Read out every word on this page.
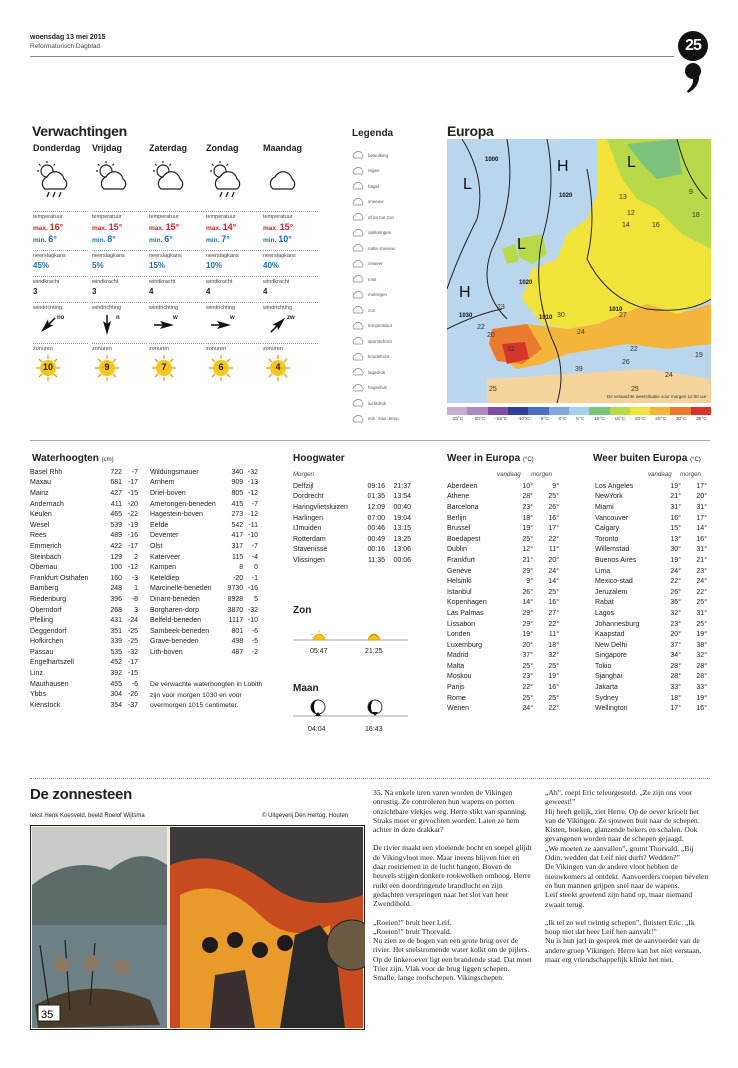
woensdag 13 mei 2015
Reformatorisch Dagblad	25
Verwachtingen
Donderdag
temperatuur
max. 16°
min. 6°
neerslagkans
45%
windkracht
3
windrichting
no
zonuren
10
Vrijdag
temperatuur
max. 15°
min. 8°
neerslagkans
5%
windkracht
3
windrichting
n
zonuren
9
Zaterdag
temperatuur
max. 15°
min. 6°
neerslagkans
15%
windkracht
4
windrichting
w
zonuren
7
Zondag
temperatuur
max. 14°
min. 7°
neerslagkans
10%
windkracht
4
windrichting
w
zonuren
6
Maandag
temperatuur
max. 15°
min. 10°
neerslagkans
40%
windkracht
4
windrichting
zw
zonuren
4
Legenda
bewolking
regen
hagel
sneeuw
af en toe zon
opklaringen
natte sneeuw
onweer
mist
motregen
zon
temperatuur
warmtefront
koudefront
lagedruk
hogedruk
luchtdruk
min. max. temp.
Europa
L
H	L
L
H
22
20
23
24
27
30
32
39
25	25
26
22
19
18
12
13
14	16
9
24
1000
1020
1030	1010
1010
1020
De verwachte weersituatie voor morgen 12:00 uur
-25°C -20°C -15°C -10°C -5°C 0°C 5°C 10°C 15°C 20°C 25°C 30°C 35°C
Waterhoogten (cm)
Basel Rhh	722	-7
Maxau	681	-17
Mainz	427	-15
Andernach	411	-20
Keulen	465	-22
Wesel	539	-19
Rees	489	-16
Emmerich	422	-17
Steinbach	129	2
Obernau	100	-12
Frankfurt Osthafen	160	-3
Bamberg	248	1
Riedenburg	396	-8
Oberndorf	268	3
Pfelling	431	-24
Deggendorf	351	-25
Hofkirchen	339	-25
Passau	535	-32
Engelhartszell	452	-17
Linz	392	-15
Mauthausen	455	-6
Ybbs	304	-26
Kienstock	354	-37
Wildungsmauer	340	-32
Arnhem	909	-13
Driel-boven	805	-12
Amerongen-beneden	415	-7
Hagestein-boven	273	12
Eefde	542	-11
Deventer	417	-10
Olst	317	-7
Katerveer	115	-4
Kampen	8	0
Keteldiep	-20	-1
Marcinelle-beneden	9730	-16
Dinant-beneden	8928	5
Borgharen-dorp	3870	-32
Belfeld-beneden	1117	-10
Sambeek-beneden	801	-6
Grave-beneden	498	-5
Lith-boven	487	-2
De verwachte waterhoogten in Lobith zijn voor morgen 1030 en voor overmorgen 1015 centimeter.
Hoogwater
Morgen
Delfzijl	09:16	21:37
Dordrecht	01:35	13:54
Haringvlietsluizen	12:09	00:40
Harlingen	07:00	19:04
IJmuiden	00:46	13:15
Rotterdam	00:49	13:25
Stavenisse	00:16	13:06
Vlissingen	11:35	00:06
Zon
05:47	21:25
Maan
04:04	16:43
Weer in Europa (°C)
vandaag morgen
Aberdeen	10°	9°
Athene	28°	25°
Barcelona	23°	26°
Berlijn	18°	16°
Brussel	19°	17°
Boedapest	25°	22°
Dublin	12°	11°
Frankfurt	21°	20°
Genève	29°	24°
Helsinki	9°	14°
Istanbul	26°	25°
Kopenhagen	14°	16°
Las Palmas	29°	27°
Lissabon	29°	22°
Londen	19°	11°
Luxemburg	20°	18°
Madrid	37°	32°
Malta	25°	25°
Moskou	23°	19°
Parijs	22°	16°
Rome	25°	25°
Wenen	24°	22°
Weer buiten Europa (°C)
vandaag morgen
Los Angeles	19°	17°
NewYork	21°	20°
Miami	31°	31°
Vancouver	16°	17°
Calgary	15°	14°
Toronto	13°	16°
Willemstad	30°	31°
Buenos Aires	19°	21°
Lima	24°	23°
Mexico-stad	22°	24°
Jeruzalem	26°	22°
Rabat	36°	25°
Lagos	32°	31°
Johannesburg	23°	25°
Kaapstad	20°	19°
New Delhi	37°	38°
Singapore	34°	32°
Tokio	28°	28°
Sjanghai	28°	28°
Jakarta	33°	33°
Sydney	18°	19°
Wellington	17°	16°
De zonnesteen
tekst Henk Koesveld, beeld Roelof Wijtsma	© Uitgeverij Den Hertog, Houten
35
35. Na enkele uren varen worden de Vikingen onrustig. Ze controleren hun wapens en porten onzichtbare vlekjes weg. Herre slikt van spanning. Straks moet er gevochten worden. Laten ze hem achter in deze drakkar?
De rivier maakt een vloeiende bocht en soepel glijdt de Vikingvloot mee. Maar ineens blijven hier en daar roeiriemen in de lucht hangen. Boven de heuvels stijgen donkere rookwolken omhoog. Herre ruikt een doordringende brandlucht en zijn gedachten verspringen naar het slot van heer Zwendibold.
„Roeien!” brult heer Leif.
„Roeien!” brult Thorvald.
Nu zien ze de bogen van een grote brug over de rivier. Het snelstromende water kolkt om de pijlers. Op de linkeroever ligt een brandende stad. Dat moet Trier zijn. Vlak voor de brug liggen schepen. Smalle, lange roofschepen. Vikingschepen.
„Ah”, roept Eric teleurgesteld. „Ze zijn ons voor geweest!”
Hij heeft gelijk, ziet Herre. Op de oever krioelt het van de Vikingen. Ze sjouwen buit naar de schepen. Kisten, boeken, glanzende bekers en schalen. Ook gevangenen worden naar de schepen gejaagd.
„We moeten ze aanvallen”, gromt Thorvald. „Bij Odin, wedden dat Leif niet durft? Wedden?”
De Vikingen van de andere vloot hebben de nieuwkomers al ontdekt. Aanvoerders roepen bevelen en hun mannen grijpen snel naar de wapens.
Leif steekt groetend zijn hand op, maar niemand zwaait terug.
„Ik tel zo wel twintig schepen”, fluistert Eric. „Ik hoop niet dat heer Leif hen aanvalt!”
Nu is hun jarl in gesprek met de aanvoerder van de andere groep Vikingen. Herre kan het niet verstaan, maar erg vriendschappelijk klinkt het niet.
